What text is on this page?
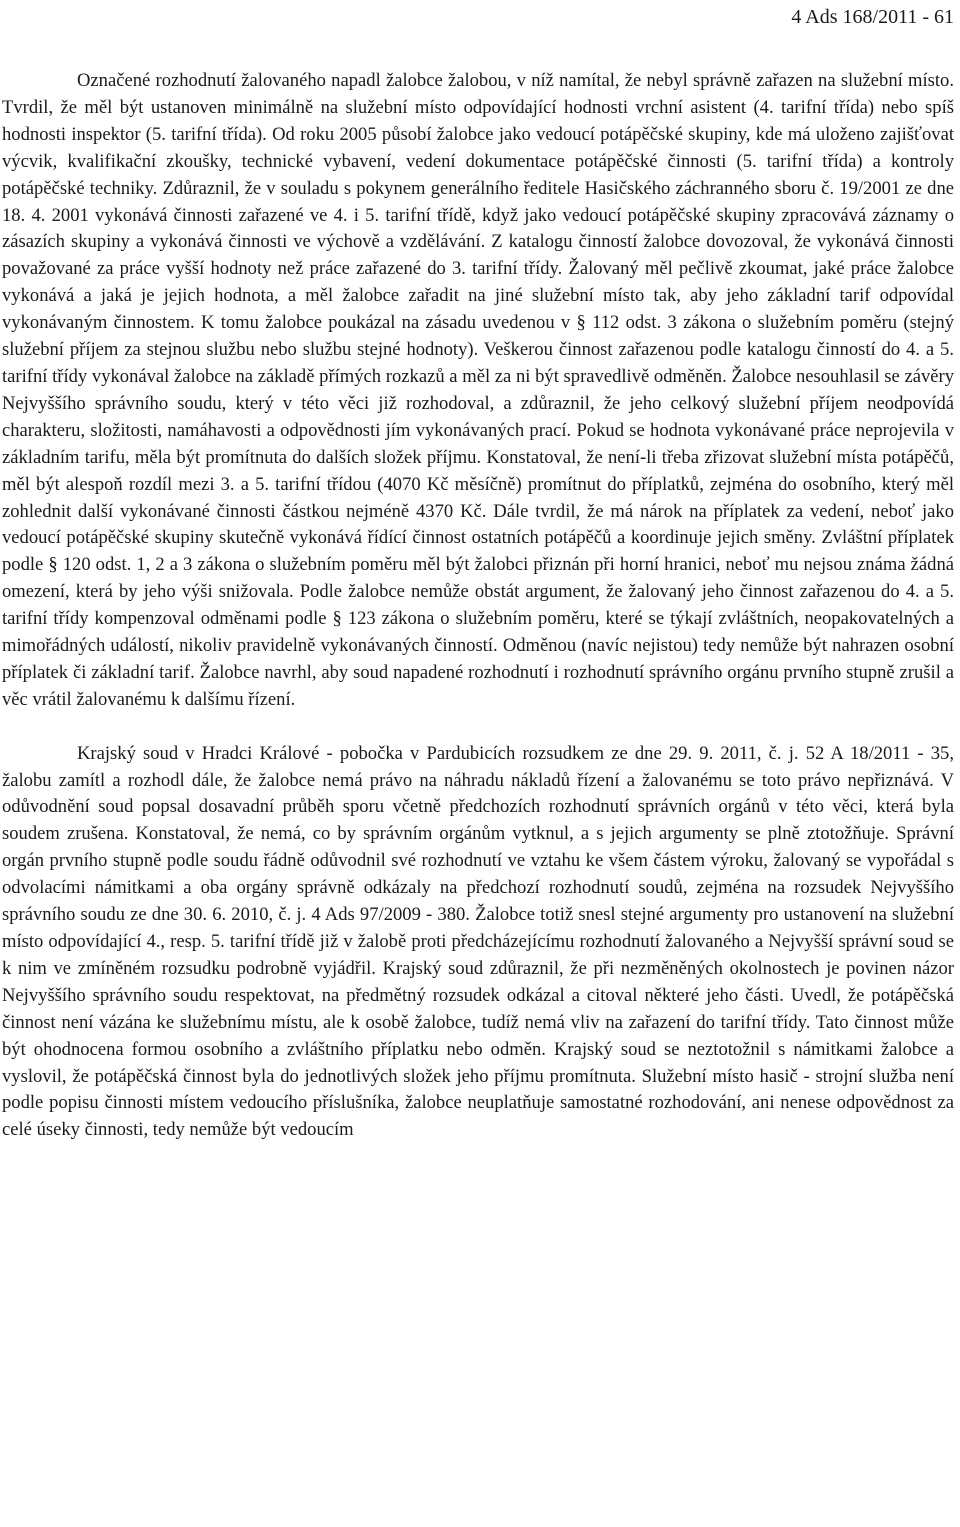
4 Ads 168/2011 - 61

Označené rozhodnutí žalovaného napadl žalobce žalobou, v níž namítal, že nebyl správně zařazen na služební místo. Tvrdil, že měl být ustanoven minimálně na služební místo odpovídající hodnosti vrchní asistent (4. tarifní třída) nebo spíš hodnosti inspektor (5. tarifní třída). Od roku 2005 působí žalobce jako vedoucí potápěčské skupiny, kde má uloženo zajišťovat výcvik, kvalifikační zkoušky, technické vybavení, vedení dokumentace potápěčské činnosti (5. tarifní třída) a kontroly potápěčské techniky. Zdůraznil, že v souladu s pokynem generálního ředitele Hasičského záchranného sboru č. 19/2001 ze dne 18. 4. 2001 vykonává činnosti zařazené ve 4. i 5. tarifní třídě, když jako vedoucí potápěčské skupiny zpracovává záznamy o zásazích skupiny a vykonává činnosti ve výchově a vzdělávání. Z katalogu činností žalobce dovozoval, že vykonává činnosti považované za práce vyšší hodnoty než práce zařazené do 3. tarifní třídy. Žalovaný měl pečlivě zkoumat, jaké práce žalobce vykonává a jaká je jejich hodnota, a měl žalobce zařadit na jiné služební místo tak, aby jeho základní tarif odpovídal vykonávaným činnostem. K tomu žalobce poukázal na zásadu uvedenou v § 112 odst. 3 zákona o služebním poměru (stejný služební příjem za stejnou službu nebo službu stejné hodnoty). Veškerou činnost zařazenou podle katalogu činností do 4. a 5. tarifní třídy vykonával žalobce na základě přímých rozkazů a měl za ni být spravedlivě odměněn. Žalobce nesouhlasil se závěry Nejvyššího správního soudu, který v této věci již rozhodoval, a zdůraznil, že jeho celkový služební příjem neodpovídá charakteru, složitosti, namáhavosti a odpovědnosti jím vykonávaných prací. Pokud se hodnota vykonávané práce neprojevila v základním tarifu, měla být promítnuta do dalších složek příjmu. Konstatoval, že není-li třeba zřizovat služební místa potápěčů, měl být alespoň rozdíl mezi 3. a 5. tarifní třídou (4070 Kč měsíčně) promítnut do příplatků, zejména do osobního, který měl zohlednit další vykonávané činnosti částkou nejméně 4370 Kč. Dále tvrdil, že má nárok na příplatek za vedení, neboť jako vedoucí potápěčské skupiny skutečně vykonává řídící činnost ostatních potápěčů a koordinuje jejich směny. Zvláštní příplatek podle § 120 odst. 1, 2 a 3 zákona o služebním poměru měl být žalobci přiznán při horní hranici, neboť mu nejsou známa žádná omezení, která by jeho výši snižovala. Podle žalobce nemůže obstát argument, že žalovaný jeho činnost zařazenou do 4. a 5. tarifní třídy kompenzoval odměnami podle § 123 zákona o služebním poměru, které se týkají zvláštních, neopakovatelných a mimořádných událostí, nikoliv pravidelně vykonávaných činností. Odměnou (navíc nejistou) tedy nemůže být nahrazen osobní příplatek či základní tarif. Žalobce navrhl, aby soud napadené rozhodnutí i rozhodnutí správního orgánu prvního stupně zrušil a věc vrátil žalovanému k dalšímu řízení.

Krajský soud v Hradci Králové - pobočka v Pardubicích rozsudkem ze dne 29. 9. 2011, č. j. 52 A 18/2011 - 35, žalobu zamítl a rozhodl dále, že žalobce nemá právo na náhradu nákladů řízení a žalovanému se toto právo nepřiznává. V odůvodnění soud popsal dosavadní průběh sporu včetně předchozích rozhodnutí správních orgánů v této věci, která byla soudem zrušena. Konstatoval, že nemá, co by správním orgánům vytknul, a s jejich argumenty se plně ztotožňuje. Správní orgán prvního stupně podle soudu řádně odůvodnil své rozhodnutí ve vztahu ke všem částem výroku, žalovaný se vypořádal s odvolacími námitkami a oba orgány správně odkázaly na předchozí rozhodnutí soudů, zejména na rozsudek Nejvyššího správního soudu ze dne 30. 6. 2010, č. j. 4 Ads 97/2009 - 380. Žalobce totiž snesl stejné argumenty pro ustanovení na služební místo odpovídající 4., resp. 5. tarifní třídě již v žalobě proti předcházejícímu rozhodnutí žalovaného a Nejvyšší správní soud se k nim ve zmíněném rozsudku podrobně vyjádřil. Krajský soud zdůraznil, že při nezměněných okolnostech je povinen názor Nejvyššího správního soudu respektovat, na předmětný rozsudek odkázal a citoval některé jeho části. Uvedl, že potápěčská činnost není vázána ke služebnímu místu, ale k osobě žalobce, tudíž nemá vliv na zařazení do tarifní třídy. Tato činnost může být ohodnocena formou osobního a zvláštního příplatku nebo odměn. Krajský soud se neztotožnil s námitkami žalobce a vyslovil, že potápěčská činnost byla do jednotlivých složek jeho příjmu promítnuta. Služební místo hasič - strojní služba není podle popisu činnosti místem vedoucího příslušníka, žalobce neuplatňuje samostatné rozhodování, ani nenese odpovědnost za celé úseky činnosti, tedy nemůže být vedoucím
